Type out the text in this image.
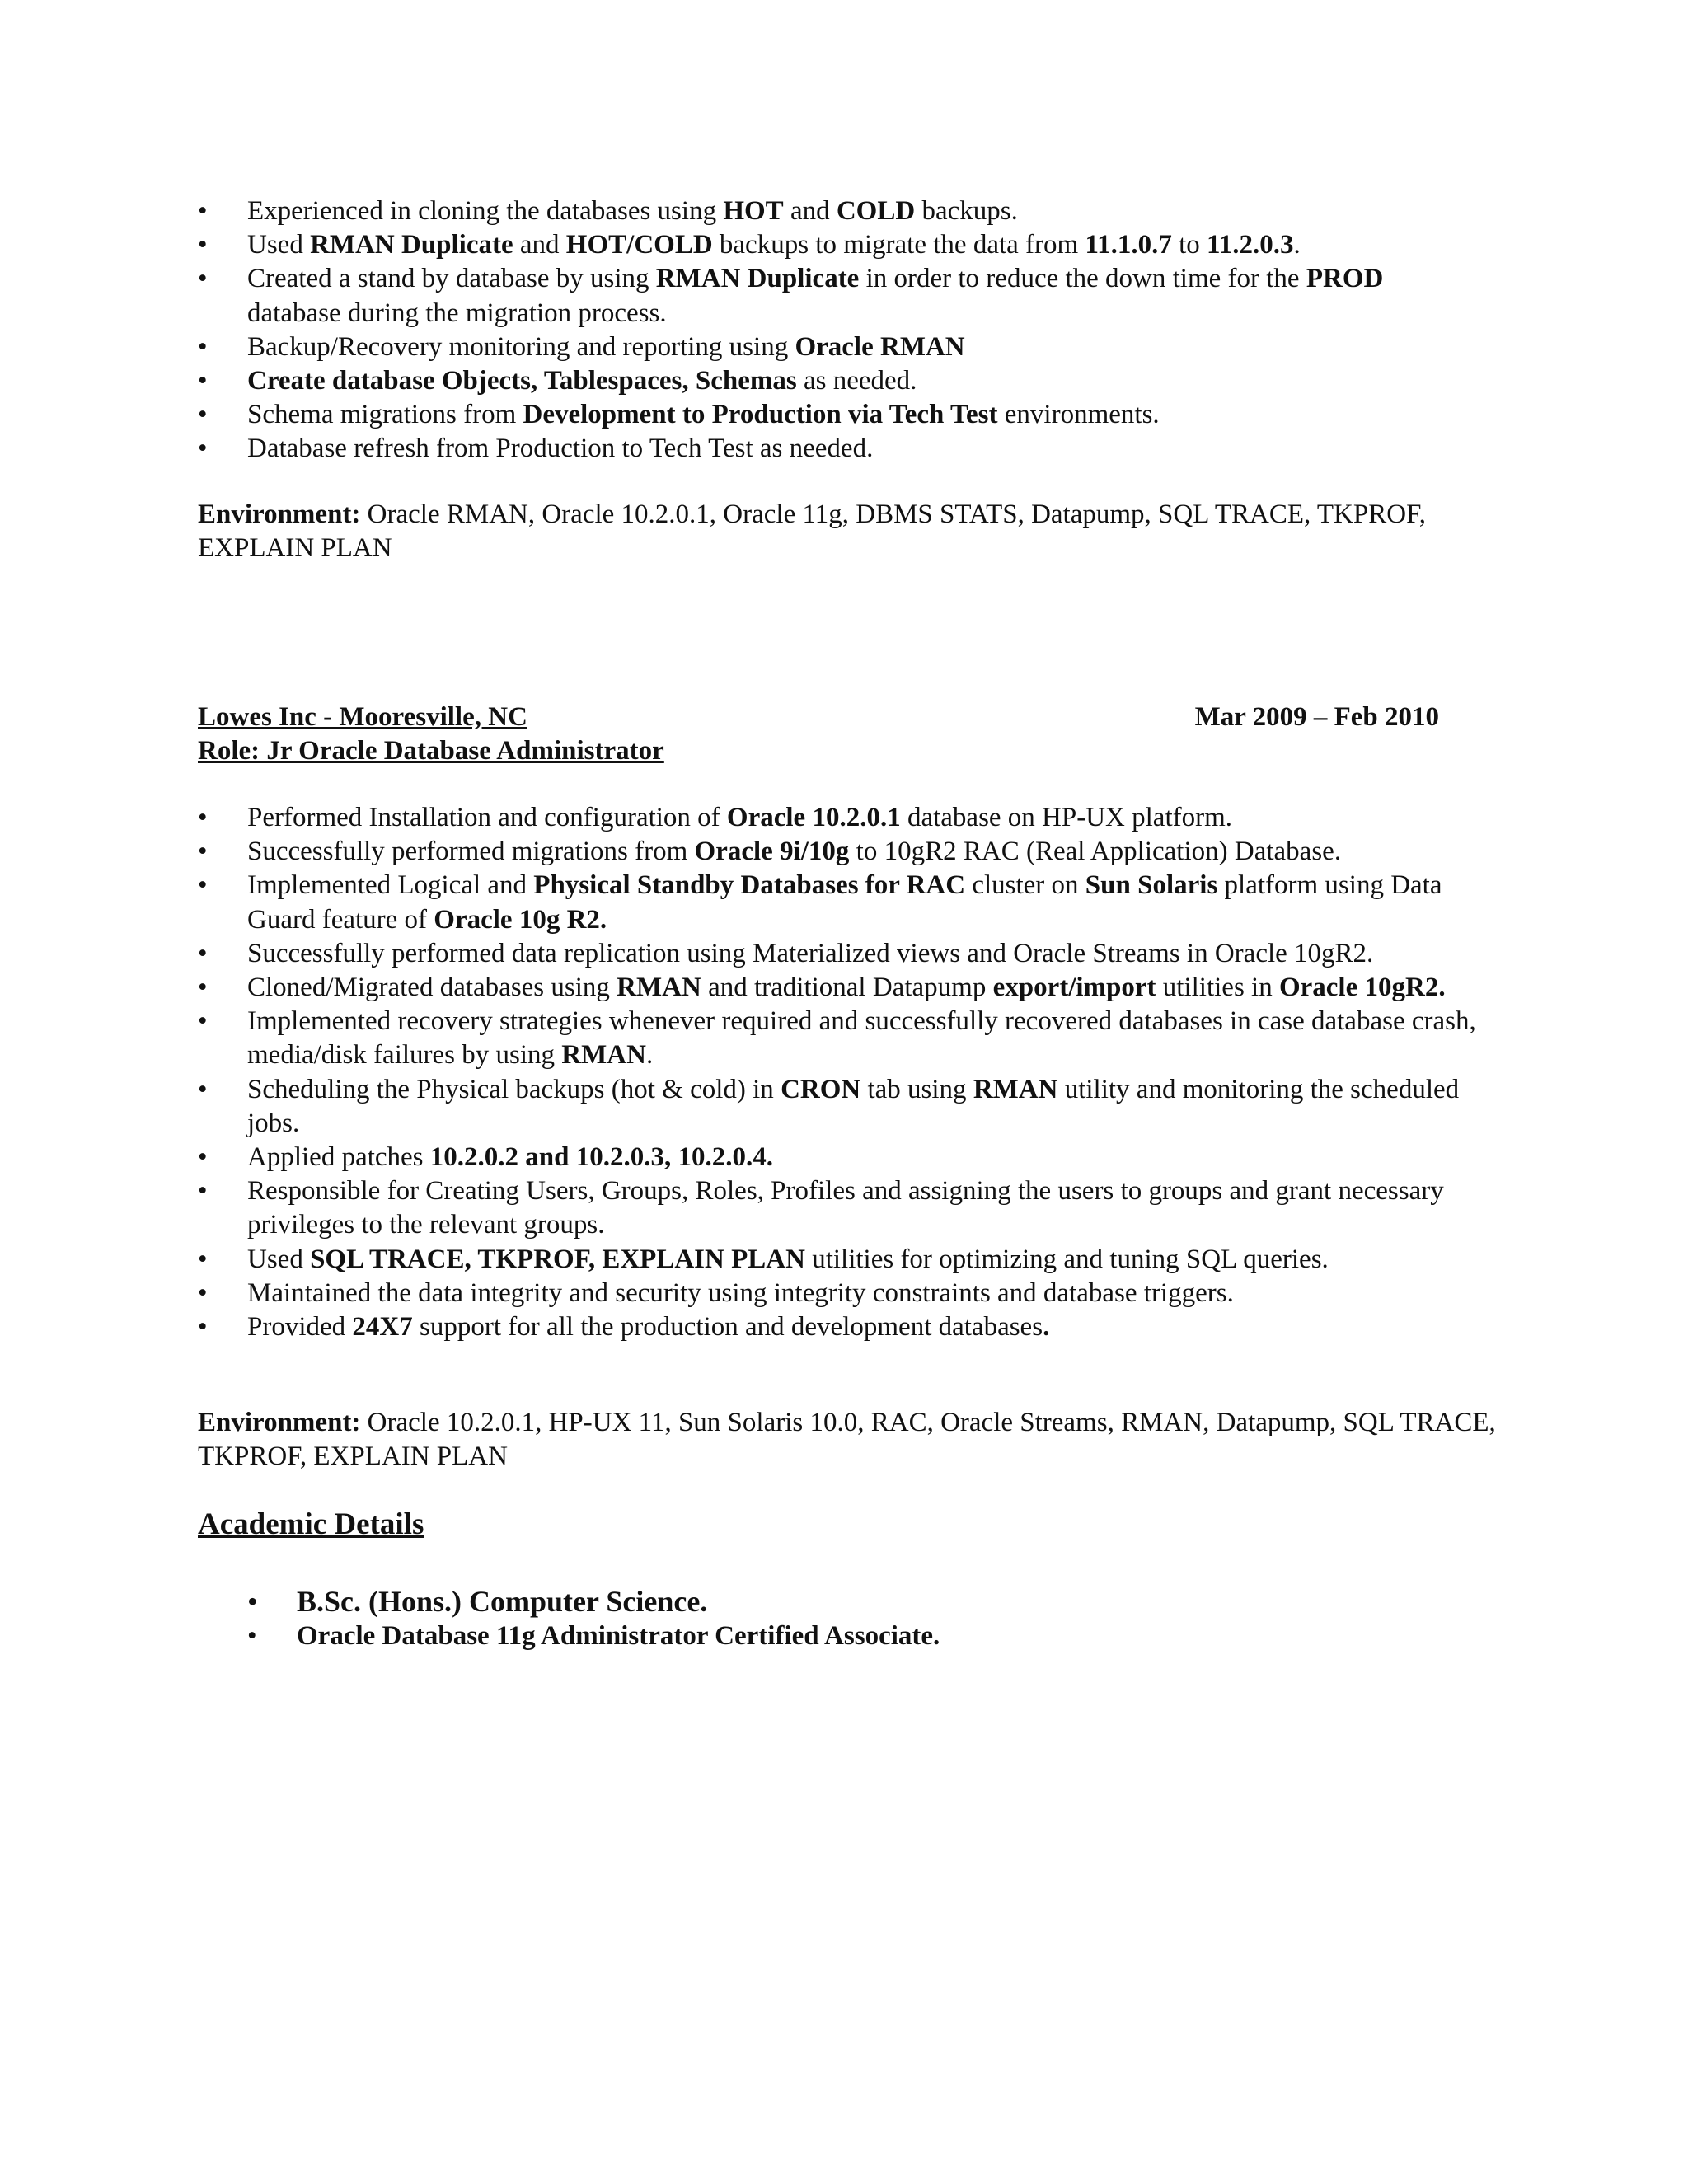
• Experienced in cloning the databases using HOT and COLD backups.
• Used RMAN Duplicate and HOT/COLD backups to migrate the data from 11.1.0.7 to 11.2.0.3.
• Created a stand by database by using RMAN Duplicate in order to reduce the down time for the PROD database during the migration process.
• Backup/Recovery monitoring and reporting using Oracle RMAN
• Create database Objects, Tablespaces, Schemas as needed.
• Schema migrations from Development to Production via Tech Test environments.
• Database refresh from Production to Tech Test as needed.
Environment: Oracle RMAN, Oracle 10.2.0.1, Oracle 11g, DBMS STATS, Datapump, SQL TRACE, TKPROF, EXPLAIN PLAN
Lowes Inc - Mooresville, NC	Mar 2009 – Feb 2010
Role: Jr Oracle Database Administrator
• Performed Installation and configuration of Oracle 10.2.0.1 database on HP-UX platform.
• Successfully performed migrations from Oracle 9i/10g to 10gR2 RAC (Real Application) Database.
• Implemented Logical and Physical Standby Databases for RAC cluster on Sun Solaris platform using Data Guard feature of Oracle 10g R2.
• Successfully performed data replication using Materialized views and Oracle Streams in Oracle 10gR2.
• Cloned/Migrated databases using RMAN and traditional Datapump export/import utilities in Oracle 10gR2.
• Implemented recovery strategies whenever required and successfully recovered databases in case database crash, media/disk failures by using RMAN.
• Scheduling the Physical backups (hot & cold) in CRON tab using RMAN utility and monitoring the scheduled jobs.
• Applied patches 10.2.0.2 and 10.2.0.3, 10.2.0.4.
• Responsible for Creating Users, Groups, Roles, Profiles and assigning the users to groups and grant necessary privileges to the relevant groups.
• Used SQL TRACE, TKPROF, EXPLAIN PLAN utilities for optimizing and tuning SQL queries.
• Maintained the data integrity and security using integrity constraints and database triggers.
• Provided 24X7 support for all the production and development databases.
Environment: Oracle 10.2.0.1, HP-UX 11, Sun Solaris 10.0, RAC, Oracle Streams, RMAN, Datapump, SQL TRACE, TKPROF, EXPLAIN PLAN
Academic Details
• B.Sc. (Hons.) Computer Science.
• Oracle Database 11g Administrator Certified Associate.
